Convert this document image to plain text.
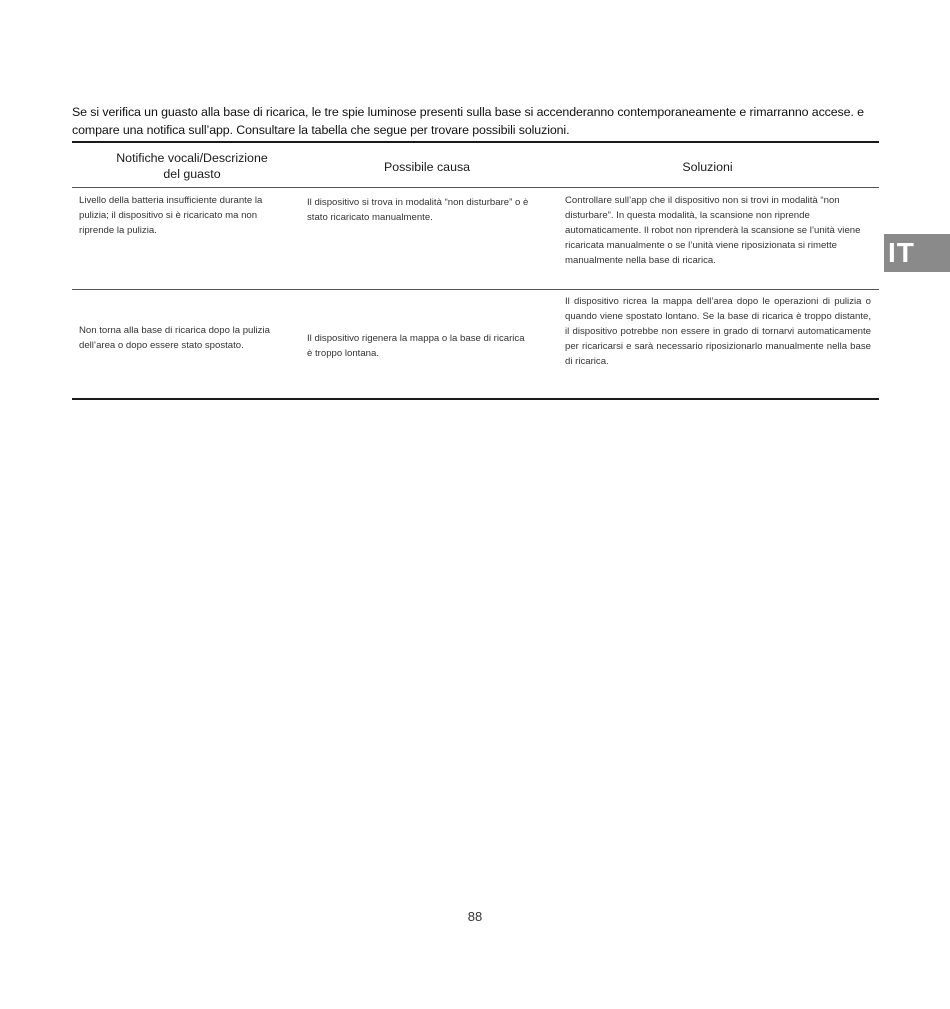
Se si verifica un guasto alla base di ricarica, le tre spie luminose presenti sulla base si accenderanno contemporaneamente e rimarranno accese. e compare una notifica sull’app. Consultare la tabella che segue per trovare possibili soluzioni.

Notifiche vocali/Descrizione
del guasto	Possibile causa	Soluzioni
Livello della batteria insufficiente durante la pulizia; il dispositivo si è ricaricato ma non riprende la pulizia.
Il dispositivo si trova in modalità “non disturbare” o è stato ricaricato manualmente.
Controllare sull’app che il dispositivo non si trovi in modalità “non disturbare”. In questa modalità, la scansione non riprende automaticamente. Il robot non riprenderà la scansione se l’unità viene ricaricata manualmente o se l’unità viene riposizionata si rimette manualmente nella base di ricarica.
Non torna alla base di ricarica dopo la pulizia dell’area o dopo essere stato spostato.
Il dispositivo rigenera la mappa o la base di ricarica è troppo lontana.
Il dispositivo ricrea la mappa dell’area dopo le operazioni di pulizia o quando viene spostato lontano. Se la base di ricarica è troppo distante, il dispositivo potrebbe non essere in grado di tornarvi automaticamente per ricaricarsi e sarà necessario riposizionarlo manualmente nella base di ricarica.
IT
88
